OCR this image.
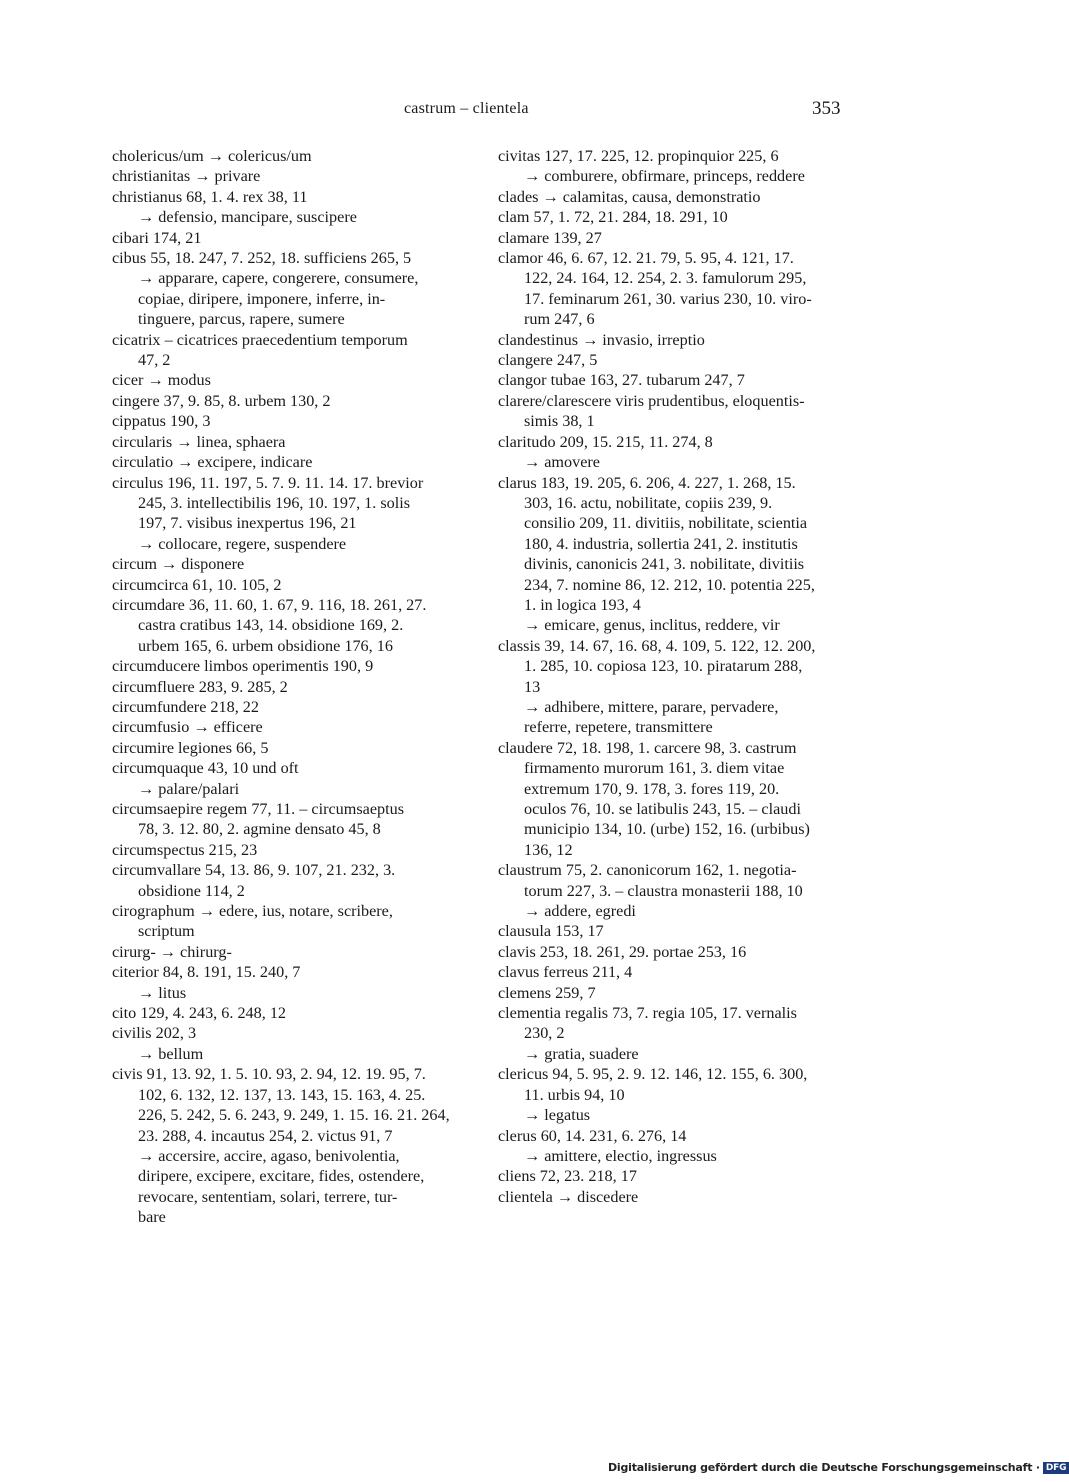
castrum – clientela	353
cholericus/um → colericus/um
christianitas → privare
christianus 68, 1. 4. rex 38, 11
→ defensio, mancipare, suscipere
cibari 174, 21
cibus 55, 18. 247, 7. 252, 18. sufficiens 265, 5
→ apparare, capere, congerere, consumere,
copiae, diripere, imponere, inferre, in-
tinguere, parcus, rapere, sumere
cicatrix – cicatrices praecedentium temporum
47, 2
cicer → modus
cingere 37, 9. 85, 8. urbem 130, 2
cippatus 190, 3
circularis → linea, sphaera
circulatio → excipere, indicare
circulus 196, 11. 197, 5. 7. 9. 11. 14. 17. brevior
245, 3. intellectibilis 196, 10. 197, 1. solis
197, 7. visibus inexpertus 196, 21
→ collocare, regere, suspendere
circum → disponere
circumcirca 61, 10. 105, 2
circumdare 36, 11. 60, 1. 67, 9. 116, 18. 261, 27.
castra cratibus 143, 14. obsidione 169, 2.
urbem 165, 6. urbem obsidione 176, 16
circumducere limbos operimentis 190, 9
circumfluere 283, 9. 285, 2
circumfundere 218, 22
circumfusio → efficere
circumire legiones 66, 5
circumquaque 43, 10 und oft
→ palare/palari
circumsaepire regem 77, 11. – circumsaeptus
78, 3. 12. 80, 2. agmine densato 45, 8
circumspectus 215, 23
circumvallare 54, 13. 86, 9. 107, 21. 232, 3.
obsidione 114, 2
cirographum → edere, ius, notare, scribere,
scriptum
cirurg- → chirurg-
citerior 84, 8. 191, 15. 240, 7
→ litus
cito 129, 4. 243, 6. 248, 12
civilis 202, 3
→ bellum
civis 91, 13. 92, 1. 5. 10. 93, 2. 94, 12. 19. 95, 7.
102, 6. 132, 12. 137, 13. 143, 15. 163, 4. 25.
226, 5. 242, 5. 6. 243, 9. 249, 1. 15. 16. 21. 264,
23. 288, 4. incautus 254, 2. victus 91, 7
→ accersire, accire, agaso, benivolentia,
diripere, excipere, excitare, fides, ostendere,
revocare, sententiam, solari, terrere, tur-
bare
civitas 127, 17. 225, 12. propinquior 225, 6
→ comburere, obfirmare, princeps, reddere
clades → calamitas, causa, demonstratio
clam 57, 1. 72, 21. 284, 18. 291, 10
clamare 139, 27
clamor 46, 6. 67, 12. 21. 79, 5. 95, 4. 121, 17.
122, 24. 164, 12. 254, 2. 3. famulorum 295,
17. feminarum 261, 30. varius 230, 10. viro-
rum 247, 6
clandestinus → invasio, irreptio
clangere 247, 5
clangor tubae 163, 27. tubarum 247, 7
clarere/clarescere viris prudentibus, eloquentis-
simis 38, 1
claritudo 209, 15. 215, 11. 274, 8
→ amovere
clarus 183, 19. 205, 6. 206, 4. 227, 1. 268, 15.
303, 16. actu, nobilitate, copiis 239, 9.
consilio 209, 11. divitiis, nobilitate, scientia
180, 4. industria, sollertia 241, 2. institutis
divinis, canonicis 241, 3. nobilitate, divitiis
234, 7. nomine 86, 12. 212, 10. potentia 225,
1. in logica 193, 4
→ emicare, genus, inclitus, reddere, vir
classis 39, 14. 67, 16. 68, 4. 109, 5. 122, 12. 200,
1. 285, 10. copiosa 123, 10. piratarum 288,
13
→ adhibere, mittere, parare, pervadere,
referre, repetere, transmittere
claudere 72, 18. 198, 1. carcere 98, 3. castrum
firmamento murorum 161, 3. diem vitae
extremum 170, 9. 178, 3. fores 119, 20.
oculos 76, 10. se latibulis 243, 15. – claudi
municipio 134, 10. (urbe) 152, 16. (urbibus)
136, 12
claustrum 75, 2. canonicorum 162, 1. negotia-
torum 227, 3. – claustra monasterii 188, 10
→ addere, egredi
clausula 153, 17
clavis 253, 18. 261, 29. portae 253, 16
clavus ferreus 211, 4
clemens 259, 7
clementia regalis 73, 7. regia 105, 17. vernalis
230, 2
→ gratia, suadere
clericus 94, 5. 95, 2. 9. 12. 146, 12. 155, 6. 300,
11. urbis 94, 10
→ legatus
clerus 60, 14. 231, 6. 276, 14
→ amittere, electio, ingressus
cliens 72, 23. 218, 17
clientela → discedere
Digitalisierung gefördert durch die Deutsche Forschungsgemeinschaft · DFG
